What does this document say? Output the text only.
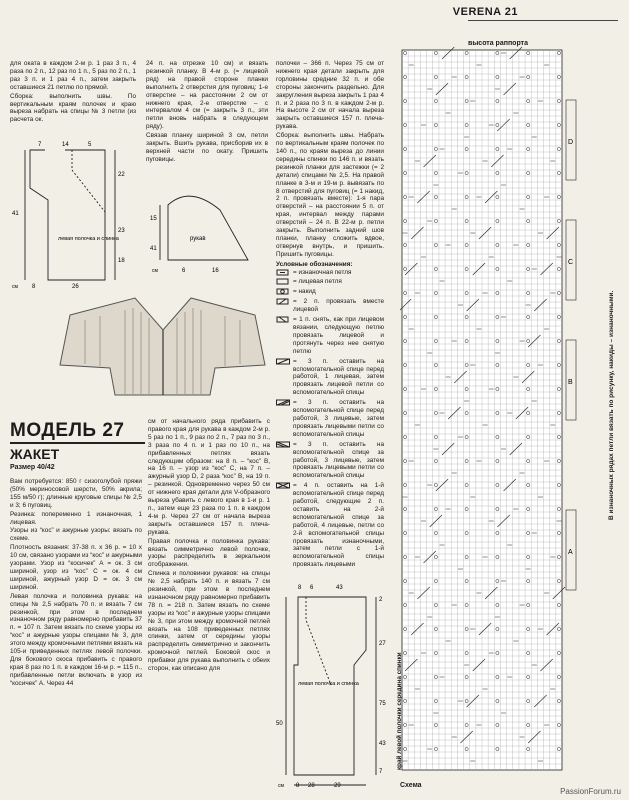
VERENA 21

для оката в каждом 2-м р. 1 раз 3 п., 4 раза по 2 п., 12 раз по 1 п., 5 раз по 2 п., 1 раз 3 п. и 1 раз 4 п., затем закрыть оставшиеся 21 петлю по прямой.

Сборка: выполнить швы. По вертикальным краям полочек и краю выреза набрать на спицы № 3 петли (из расчета ок.

24 п. на отрезке 10 см) и вязать резинкой планку. В 4-м р. (= лицевой ряд) на правой стороне планки выполнить 2 отверстия для пуговиц: 1-е отверстие – на расстоянии 2 см от нижнего края, 2-е отверстие – с интервалом 4 см (= закрыть 3 п., эти петли вновь набрать в следующем ряду).

Связав планку шириной 3 см, петли закрыть. Вшить рукава, присборив их в верхней части по окату. Пришить пуговицы.

7	14	5
22
41
23
18
26
8
левая полочка и спинка
см
15
6	16
41
рукав
см
МОДЕЛЬ 27
ЖАКЕТ
Размер 40/42

Вам потребуется: 850 г сизоголубой пряжи (50% мериносовой шерсти, 50% акрила; 155 м/50 г); длинные круговые спицы № 2,5 и 3; 6 пуговиц.

Резинка: попеременно 1 изнаночная, 1 лицевая.

Узоры из “кос” и ажурные узоры: вязать по схеме.

Плотность вязания: 37-38 п. х 36 р. = 10 х 10 см, связано узорами из “кос” и ажурными узорами. Узор из “косичек” А = ок. 3 см шириной, узор из “кос” С = ок. 4 см шириной, ажурный узор D = ок. 3 см шириной.

Левая полочка и половинка рукава: на спицы № 2,5 набрать 70 п. и вязать 7 см резинкой, при этом в последнем изнаночном ряду равномерно прибавить 37 п. = 107 п. Затем вязать по схеме узоры из “кос” и ажурные узоры спицами № 3, для этого между кромочными петлями вязать на 105-и приведенных петлях левой полочки. Для бокового скоса прибавить с правого края 8 раз по 1 п. в каждом 16-м р. = 115 п., прибавленные петли включать в узор из “косичек” А. Через 44

см от начального ряда прибавить с правого края для рукава в каждом 2-м р. 5 раз по 1 п., 9 раз по 2 п., 7 раз по 3 п., 3 раза по 4 п. и 1 раз по 10 п., на прибавленных петлях вязать следующим образом: на 8 п. – “кос” В, на 16 п. – узор из “кос” С, на 7 п. – ажурный узор D, 2 раза “кос” В, на 19 п. – резинкой. Одновременно через 50 см от нижнего края детали для V-образного выреза убавить с левого края в 1-и р. 1 п., затем еще 23 раза по 1 п. в каждом 4-м р. Через 27 см от начала выреза закрыть оставшиеся 157 п. плеча-рукава.

Правая полочка и половинка рукава: вязать симметрично левой полочке, узоры распределить в зеркальном отображении.

Спинка и половинки рукавов: на спицы № 2,5 набрать 140 п. и вязать 7 см резинкой, при этом в последнем изнаночном ряду равномерно прибавить 78 п. = 218 п. Затем вязать по схеме узоры из “кос” и ажурные узоры спицами № 3, при этом между кромочной петлей вязать на 108 приведенных петлях спинки, затем от середины узоры распределить симметрично и закончить кромочной петлей. Боковой скос и прибавки для рукава выполнить с обеих сторон, как описано для

полочки – 366 п. Через 75 см от нижнего края детали закрыть для горловины средние 32 п. и обе стороны закончить раздельно. Для закругления выреза закрыть 1 раз 4 п. и 2 раза по 3 п. в каждом 2-м р. На высоте 2 см от начала выреза закрыть оставшиеся 157 п. плеча-рукава.

Сборка: выполнить швы. Набрать по вертикальным краям полочек по 140 п., по краям выреза до линии середины спинки по 146 п. и вязать резинкой планки для застежки (= 2 детали) спицами № 2,5. На правой планке в 3-м и 19-м р. вывязать по 8 отверстий для пуговиц (= 1 накид, 2 п. провязать вместе): 1-я пара отверстий – на расстоянии 5 п. от края, интервал между парами отверстий – 24 п. В 22-м р. петли закрыть. Выполнить задний шов планки, планку сложить вдвое, отвернув внутрь, и пришить. Пришить пуговицы.

Условные обозначения:
= изнаночная петля
= лицевая петля
= накид
= 2 п. провязать вместе лицевой
= 1 п. снять, как при лицевом вязании, следующую петлю провязать лицевой и протянуть через нее снятую петлю
= 3 п. оставить на вспомогательной спице перед работой, 1 лицевая, затем провязать лицевой петли со вспомогательной спицы
= 3 п. оставить на вспомогательной спице перед работой, 3 лицевые, затем провязать лицевыми петли со вспомогательной спицы
= 3 п. оставить на вспомогательной спице за работой, 3 лицевые, затем провязать лицевыми петли со вспомогательной спицы
= 4 п. оставить на 1-й вспомогательной спице перед работой, следующие 2 п. оставить на 2-й вспомогательной спице за работой, 4 лицевые, петли со 2-й вспомогательной спицы провязать изнаночными, затем петли с 1-й вспомогательной спицы провязать лицевыми
8 6	43
2
27
50
75
43
7
28	29
8
левая полочка и спинка
см
высота раппорта
D
C
B
A
В изнаночных рядах петли вязать по рисунку, накиды – изнаночными.
край левой полочки середина спинки
Схема
PassionForum.ru
